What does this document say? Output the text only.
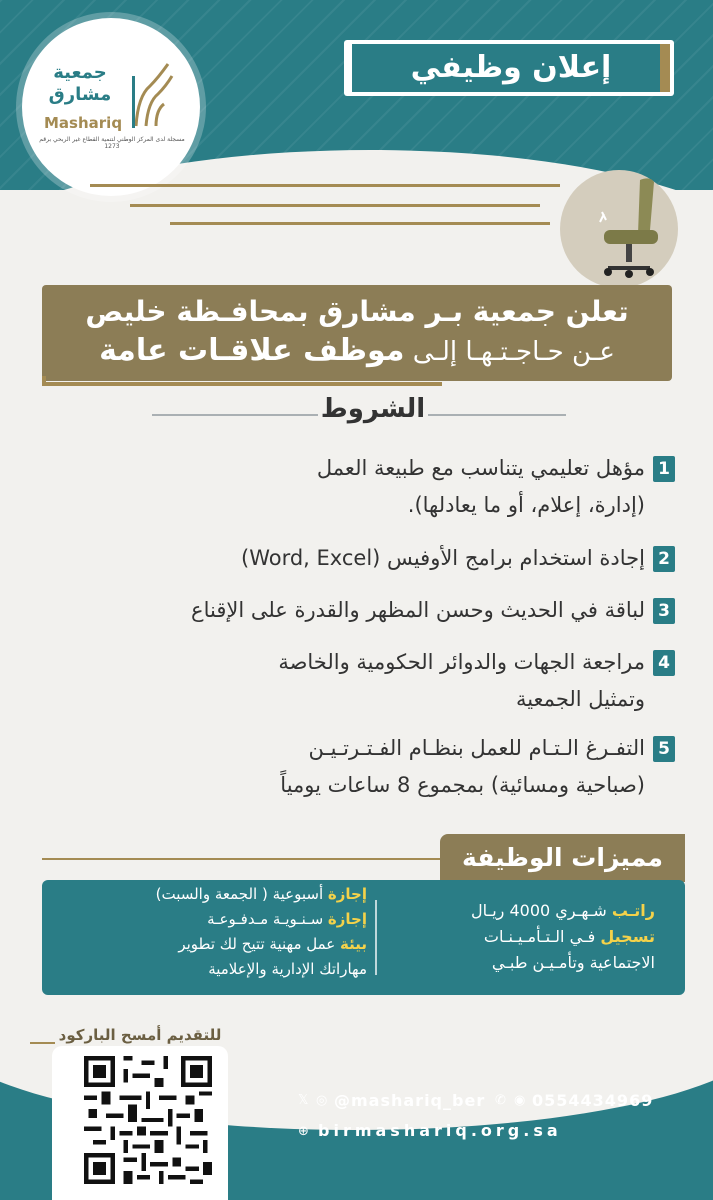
جمعية
مشارق
Mashariq
مسجلة لدى المركز الوطني لتنمية القطاع غير الربحي برقم 1273
إعلان وظيفي
تعلن جمعية بـر مشارق بمحافـظة خليص
عـن حـاجـتـهـا إلـى موظف علاقـات عامة
الشروط
1مؤهل تعليمي يتناسب مع طبيعة العمل
(إدارة، إعلام، أو ما يعادلها).
2إجادة استخدام برامج الأوفيس (Word, Excel)
3لباقة في الحديث وحسن المظهر والقدرة على الإقناع
4مراجعة الجهات والدوائر الحكومية والخاصة
وتمثيل الجمعية
5التفـرغ الـتـام للعمل بنظـام الفـتـرتـيـن
(صباحية ومسائية) بمجموع 8 ساعات يومياً
مميزات الوظيفة
راتـب شـهـري 4000 ريـال
تسجيل فـي الـتـأمـيـنـات
الاجتماعية وتأمـيـن طبـي
إجازة أسبوعية ( الجمعة والسبت)
إجازة سـنـويـة مـدفـوعـة
بيئة عمل مهنية تتيح لك تطوير
مهاراتك الإدارية والإعلامية
للتقديم أمسح الباركود
𝕏 ◎ @mashariq_ber ✆ ◉ 0554434969
⊕ birmashariq.org.sa
